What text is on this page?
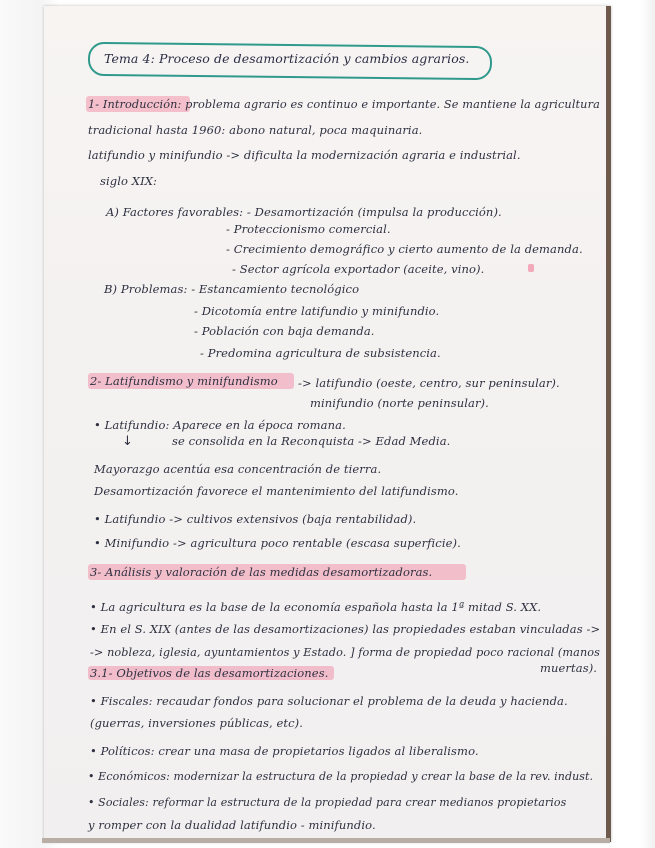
Tema 4: Proceso de desamortización y cambios agrarios.
1- Introducción: problema agrario es continuo e importante. Se mantiene la agricultura
tradicional hasta 1960: abono natural, poca maquinaria.
latifundio y minifundio -> dificulta la modernización agraria e industrial.
siglo XIX:
A) Factores favorables: - Desamortización (impulsa la producción).
- Proteccionismo comercial.
- Crecimiento demográfico y cierto aumento de la demanda.
- Sector agrícola exportador (aceite, vino).
B) Problemas: - Estancamiento tecnológico
- Dicotomía entre latifundio y minifundio.
- Población con baja demanda.
- Predomina agricultura de subsistencia.
2- Latifundismo y minifundismo -> latifundio (oeste, centro, sur peninsular).
minifundio (norte peninsular).
• Latifundio: Aparece en la época romana.
↓	se consolida en la Reconquista -> Edad Media.
Mayorazgo acentúa esa concentración de tierra.
Desamortización favorece el mantenimiento del latifundismo.
• Latifundio -> cultivos extensivos (baja rentabilidad).
• Minifundio -> agricultura poco rentable (escasa superficie).
3- Análisis y valoración de las medidas desamortizadoras.
• La agricultura es la base de la economía española hasta la 1ª mitad S. XX.
• En el S. XIX (antes de las desamortizaciones) las propiedades estaban vinculadas ->
-> nobleza, iglesia, ayuntamientos y Estado. ] forma de propiedad poco racional (manos
muertas).
3.1- Objetivos de las desamortizaciones.
• Fiscales: recaudar fondos para solucionar el problema de la deuda y hacienda.
(guerras, inversiones públicas, etc).
• Políticos: crear una masa de propietarios ligados al liberalismo.
• Económicos: modernizar la estructura de la propiedad y crear la base de la rev. indust.
• Sociales: reformar la estructura de la propiedad para crear medianos propietarios
y romper con la dualidad latifundio - minifundio.
